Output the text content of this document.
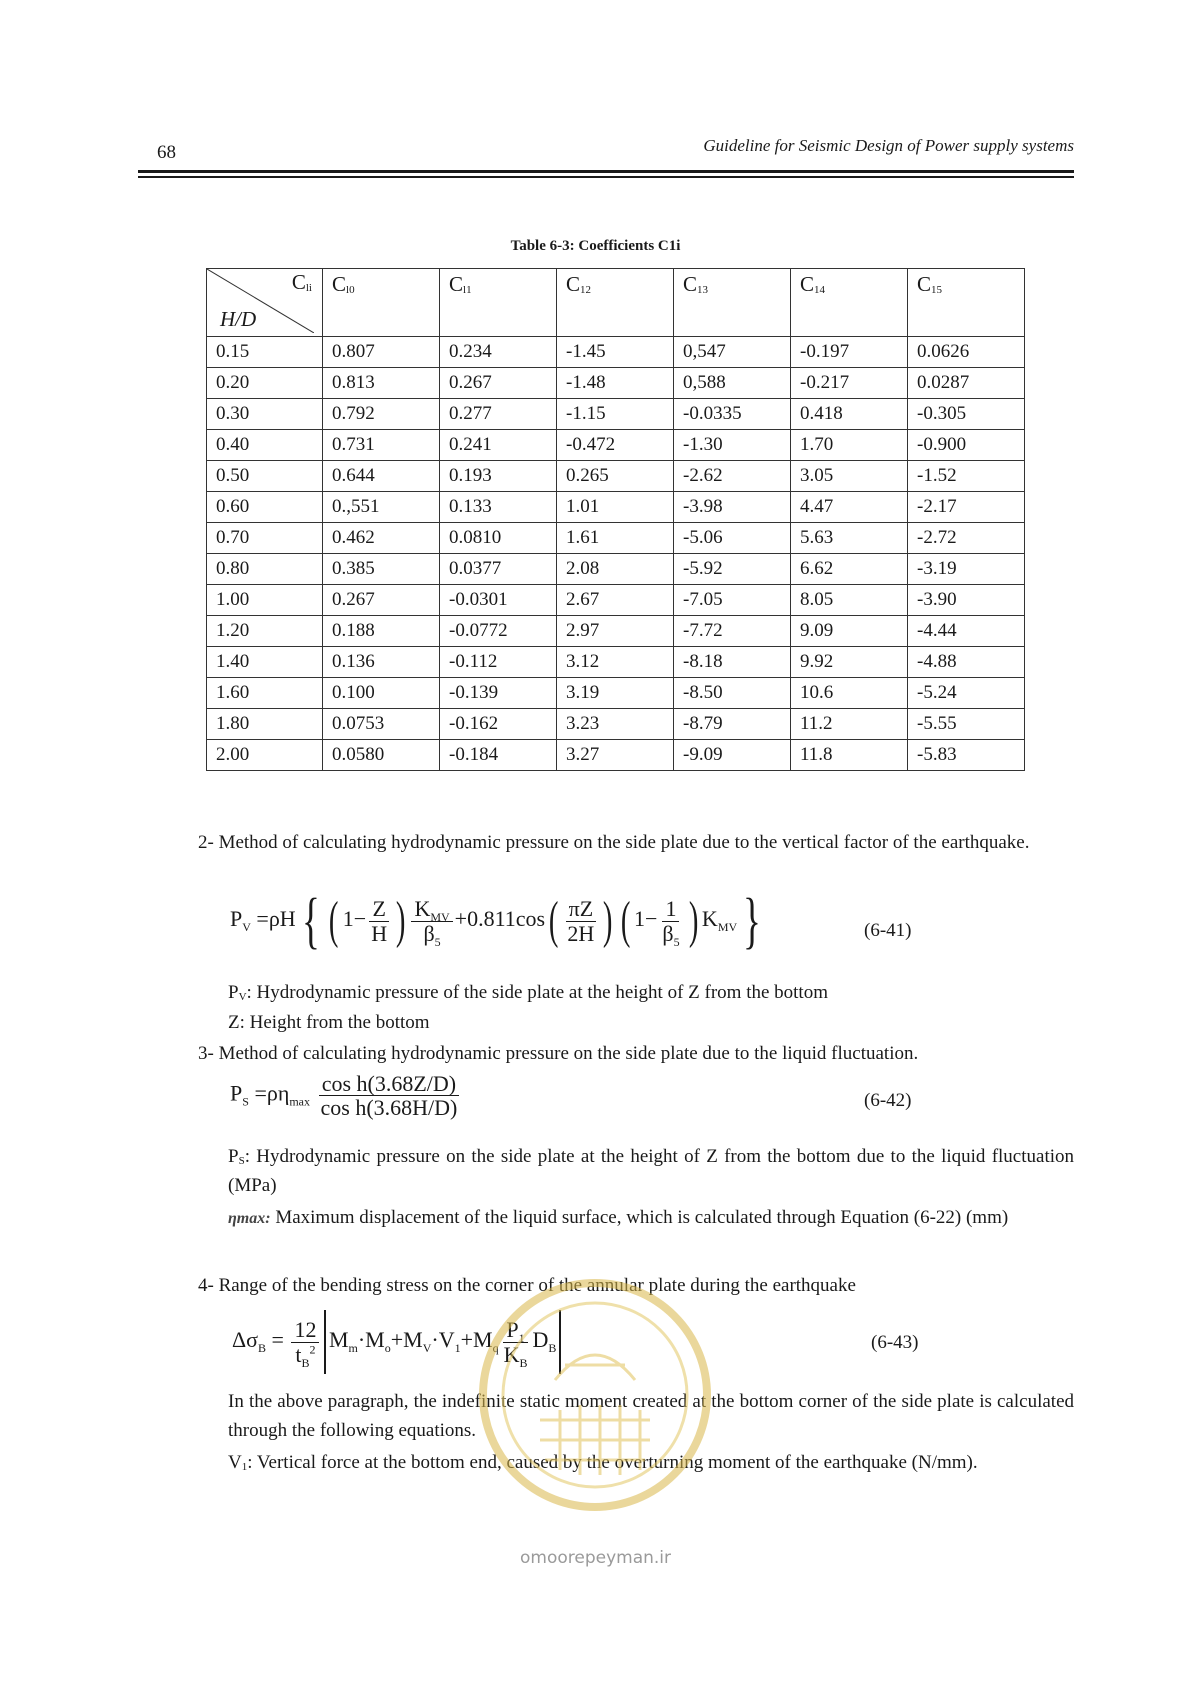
68	Guideline for Seismic Design of Power supply systems
Table 6-3: Coefficients C1i
$C_{li}$
H/D	$C_{l0}$	$C_{l1}$	$C_{12}$	$C_{13}$	$C_{14}$	$C_{15}$
0.15	0.807	0.234	-1.45	0,547	-0.197	0.0626
0.20	0.813	0.267	-1.48	0,588	-0.217	0.0287
0.30	0.792	0.277	-1.15	-0.0335	0.418	-0.305
0.40	0.731	0.241	-0.472	-1.30	1.70	-0.900
0.50	0.644	0.193	0.265	-2.62	3.05	-1.52
0.60	0.,551	0.133	1.01	-3.98	4.47	-2.17
0.70	0.462	0.0810	1.61	-5.06	5.63	-2.72
0.80	0.385	0.0377	2.08	-5.92	6.62	-3.19
1.00	0.267	-0.0301	2.67	-7.05	8.05	-3.90
1.20	0.188	-0.0772	2.97	-7.72	9.09	-4.44
1.40	0.136	-0.112	3.12	-8.18	9.92	-4.88
1.60	0.100	-0.139	3.19	-8.50	10.6	-5.24
1.80	0.0753	-0.162	3.23	-8.79	11.2	-5.55
2.00	0.0580	-0.184	3.27	-9.09	11.8	-5.83
2- Method of calculating hydrodynamic pressure on the side plate due to the vertical factor of the earthquake.
$P_V =\rho H${ ( $1- \frac{Z}{H}$ ) $\frac{K_{MV}}{\beta_5} +0.811\cos( \frac{\pi Z}{2H}$ ) ( $1- \frac{1}{\beta_5}$ ) $K_{MV}$}	(6-41)
$P_V$: Hydrodynamic pressure of the side plate at the height of Z from the bottom
Z: Height from the bottom
3- Method of calculating hydrodynamic pressure on the side plate due to the liquid fluctuation.
$P_S =\rho\eta_{max} \frac{\text{cos h(3.68Z/D)}}{\text{cos h(3.68H/D)}}$	(6-42)
$P_S$: Hydrodynamic pressure on the side plate at the height of Z from the bottom due to the liquid fluctuation (MPa)
ηmax: Maximum displacement of the liquid surface, which is calculated through Equation (6-22) (mm)
4- Range of the bending stress on the corner of the annular plate during the earthquake
$\Delta\sigma_B = \frac{12}{t_B^2} M_m\cdot M_o+M_V\cdot V_1+M_q \frac{P_1}{K_B} D_B$	(6-43)
In the above paragraph, the indefinite static moment created at the bottom corner of the side plate is calculated through the following equations.
$V_1$: Vertical force at the bottom end, caused by the overturning moment of the earthquake (N/mm).
omoorepeyman.ir
